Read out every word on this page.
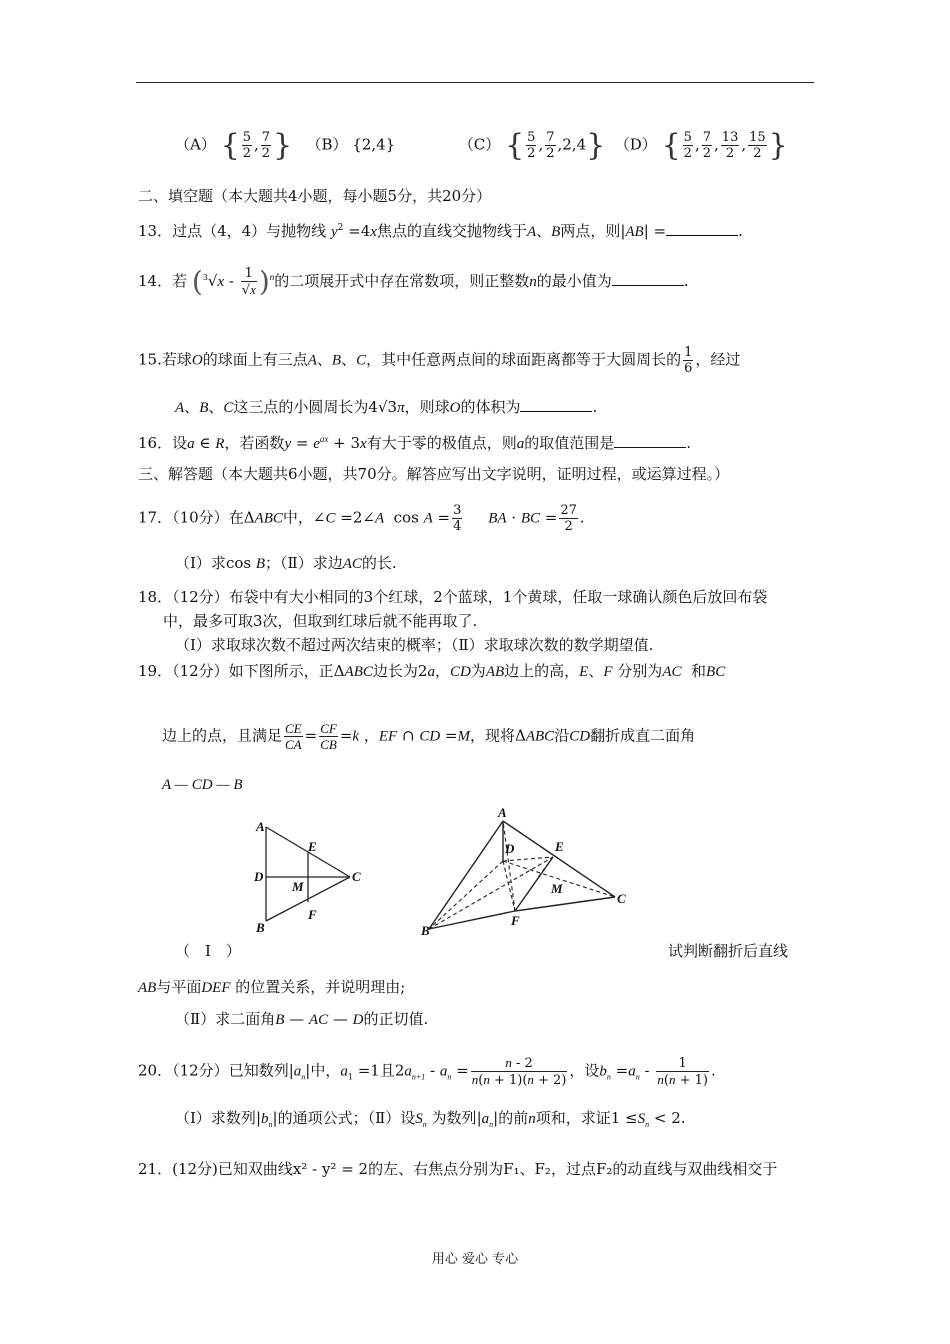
（A） { $\frac{5}{2}$ , $\frac{7}{2}$ } （B） {2,4}	（C） { $\frac{5}{2}$ , $\frac{7}{2} ,2,4$} （D） { $\frac{5}{2}$ , $\frac{7}{2}$ , $\frac{13}{2}$ , $\frac{15}{2}$ }
二、填空题（本大题共4小题，每小题5分，共20分）
13．过点（4，4）与抛物线 $y^2 =4x$焦点的直线交抛物线于A、B两点，则|AB| =	.
14．若 $(^3√x - \frac{1}{√x} )^n$的二项展开式中存在常数项，则正整数n的最小值为	.
15.若球O的球面上有三点A、B、C，其中任意两点间的球面距离都等于大圆周长的 $\frac{1}{6}$ ，经过
A、B、C这三点的小圆周长为4√3π，则球O的体积为	.
16．设a ∈ R，若函数$y = e^{ax} + 3x$有大于零的极值点，则a的取值范围是	.
三、解答题（本大题共6小题，共70分。解答应写出文字说明，证明过程，或运算过程。）
17．（10分）在ΔABC中，∠C =2∠A  $\cos A = \frac{3}{4}$ BA · BC = $\frac{27}{2}$ .
（Ⅰ）求cos B；（Ⅱ）求边AC的长.
18．（12分）布袋中有大小相同的3个红球，2个蓝球，1个黄球，任取一球确认颜色后放回布袋
中，最多可取3次，但取到红球后就不能再取了.
（Ⅰ）求取球次数不超过两次结束的概率；（Ⅱ）求取球次数的数学期望值.
19．（12分）如下图所示，正ΔABC边长为2a，CD为AB边上的高，E、F 分别为AC 和BC
边上的点，且满足 $\frac{CE}{CA} = \frac{CF}{CB} =k$ ，EF ∩ CD =M，现将ΔABC沿CD翻折成直二面角
A — CD — B
A
E
D
M
C
F
B
A
D	E
M
C
F
B
（　Ⅰ　）	试判断翻折后直线
AB与平面DEF 的位置关系，并说明理由;
（Ⅱ）求二面角B — AC — D的正切值.
20．（12分）已知数列$|a_n|$中，$a_1 =1$且$2a_{n+1} - a_n = \frac{n - 2}{n(n + 1)(n + 2)}$ ，设$b_n =a_n - \frac{1}{n(n + 1)}$ .
（Ⅰ）求数列$|b_n|$的通项公式；（Ⅱ）设$S_n$ 为数列$|a_n|$的前n项和，求证$1 \le S_n < 2$.
21．(12分)已知双曲线x² - y² = 2的左、右焦点分别为F₁、F₂，过点F₂的动直线与双曲线相交于
用心 爱心 专心
